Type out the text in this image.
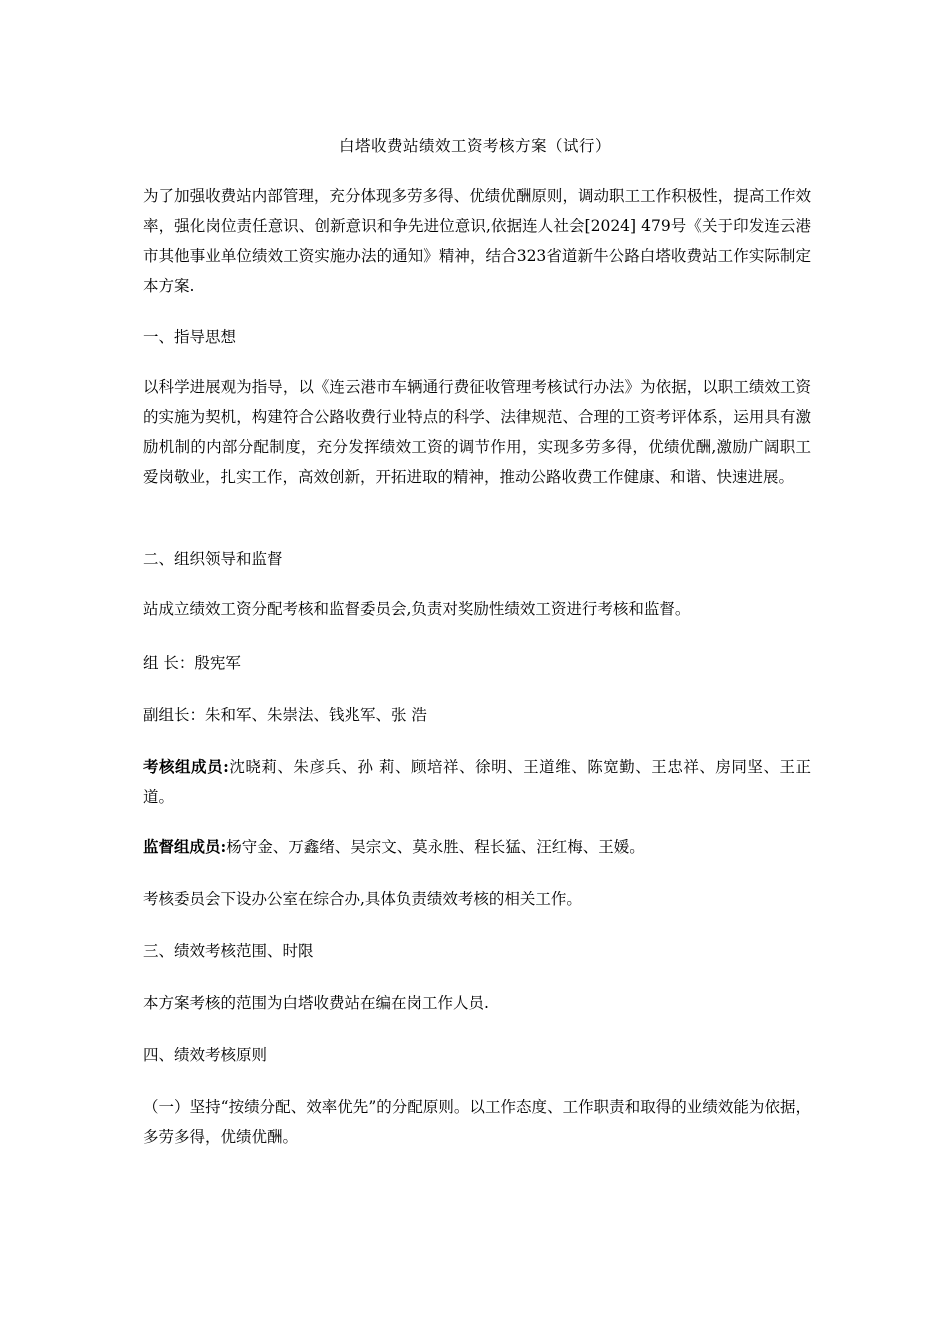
白塔收费站绩效工资考核方案（试行）

为了加强收费站内部管理，充分体现多劳多得、优绩优酬原则，调动职工工作积极性，提高工作效率，强化岗位责任意识、创新意识和争先进位意识,依据连人社会[2024] 479号《关于印发连云港市其他事业单位绩效工资实施办法的通知》精神，结合323省道新牛公路白塔收费站工作实际制定本方案.

一、指导思想

以科学进展观为指导，以《连云港市车辆通行费征收管理考核试行办法》为依据，以职工绩效工资的实施为契机，构建符合公路收费行业特点的科学、法律规范、合理的工资考评体系，运用具有激励机制的内部分配制度，充分发挥绩效工资的调节作用，实现多劳多得，优绩优酬,激励广阔职工爱岗敬业，扎实工作，高效创新，开拓进取的精神，推动公路收费工作健康、和谐、快速进展。

二、组织领导和监督
站成立绩效工资分配考核和监督委员会,负责对奖励性绩效工资进行考核和监督。
组 长：殷宪军
副组长：朱和军、朱崇法、钱兆军、张 浩

考核组成员:沈晓莉、朱彦兵、孙 莉、顾培祥、徐明、王道维、陈宽勤、王忠祥、房同坚、王正道。

监督组成员:杨守金、万鑫绪、吴宗文、莫永胜、程长猛、汪红梅、王媛。
考核委员会下设办公室在综合办,具体负责绩效考核的相关工作。
三、绩效考核范围、时限
本方案考核的范围为白塔收费站在编在岗工作人员.
四、绩效考核原则

（一）坚持“按绩分配、效率优先”的分配原则。以工作态度、工作职责和取得的业绩效能为依据，多劳多得，优绩优酬。
